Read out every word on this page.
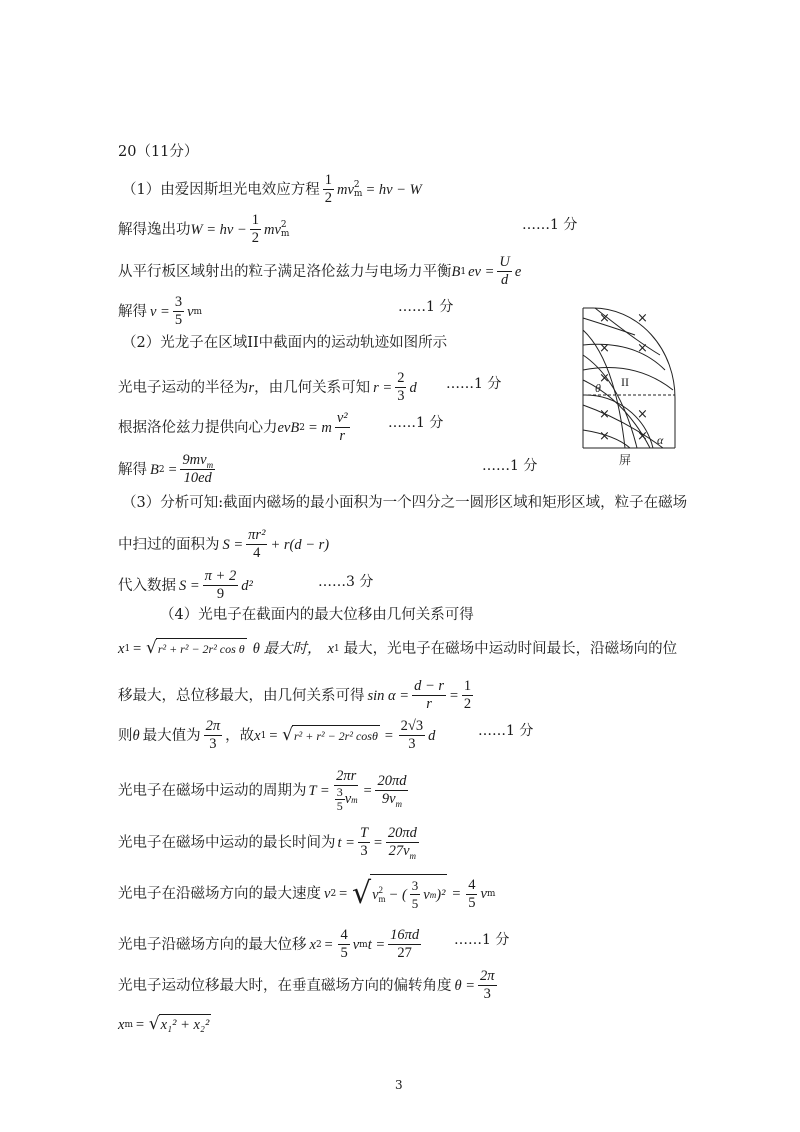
20（11分）
（1）由爱因斯坦光电效应方程 $\frac{1}{2}$ mv 2
m = hν − W
解得逸出功 $W = h\nu - \frac{1}{2}$ mv 2
m
……1 分
从平行板区域射出的粒子满足洛伦兹力与电场力平衡 B 1 ev = $\frac{U}{d}$ e
解得 $v = \frac{3}{5}$ v m	……1 分
（2）光龙子在区域II中截面内的运动轨迹如图所示
光电子运动的半径为 r ，由几何关系可知 $r = \frac{2}{3}$ d ……1 分
根据洛伦兹力提供向心力 evB 2 = m $\frac{\text{v²}}{r}$	……1 分
解得 B $2 = \frac{9mv_m}{10ed}$	……1 分
（3）分析可知:截面内磁场的最小面积为一个四分之一圆形区域和矩形区域，粒子在磁场
中扫过的面积为 $S = \frac{\text{πr²}}{4} + r(d - r)$
代入数据 $S = \frac{\pi + 2}{9} d^2$	……3 分
（4）光电子在截面内的最大位移由几何关系可得
x 1 = √ r² + r² − 2r² cos θ θ 最大时， x 1 最大，光电子在磁场中运动时间最长，沿磁场向的位
移最大，总位移最大，由几何关系可得 $\sin \alpha = \frac{d - r}{r} = \frac{1}{2}$
则 θ 最大值为 $\frac{2\pi}{3}$ ，故 x 1 = √ r² + r² − 2r² $\cos\theta = \frac{2√3}{3}$ d	……1 分
光电子在磁场中运动的周期为 $T = \frac{2\pi r}{\frac{3}{5} v m} = \frac{20\pi d}{9v_m}$
光电子在磁场中运动的最长时间为 $t = \frac{T}{3} = \frac{20\pi d}{27v_m}$
光电子在沿磁场方向的最大速度 v 2 = √ v 2
m − ( $\frac{3}{5}$ v m )$^2 = \frac{4}{5}$ v m
光电子沿磁场方向的最大位移 x $2 = \frac{4}{5}$ v m $t = \frac{16\pi d}{27}$ ……1 分
光电子运动位移最大时，在垂直磁场方向的偏转角度 $\theta = \frac{2\pi}{3}$
x m = √ x₁² + x₂²
× ×
× ×
×
×
×
×
×
II
θ
α
屏
3
